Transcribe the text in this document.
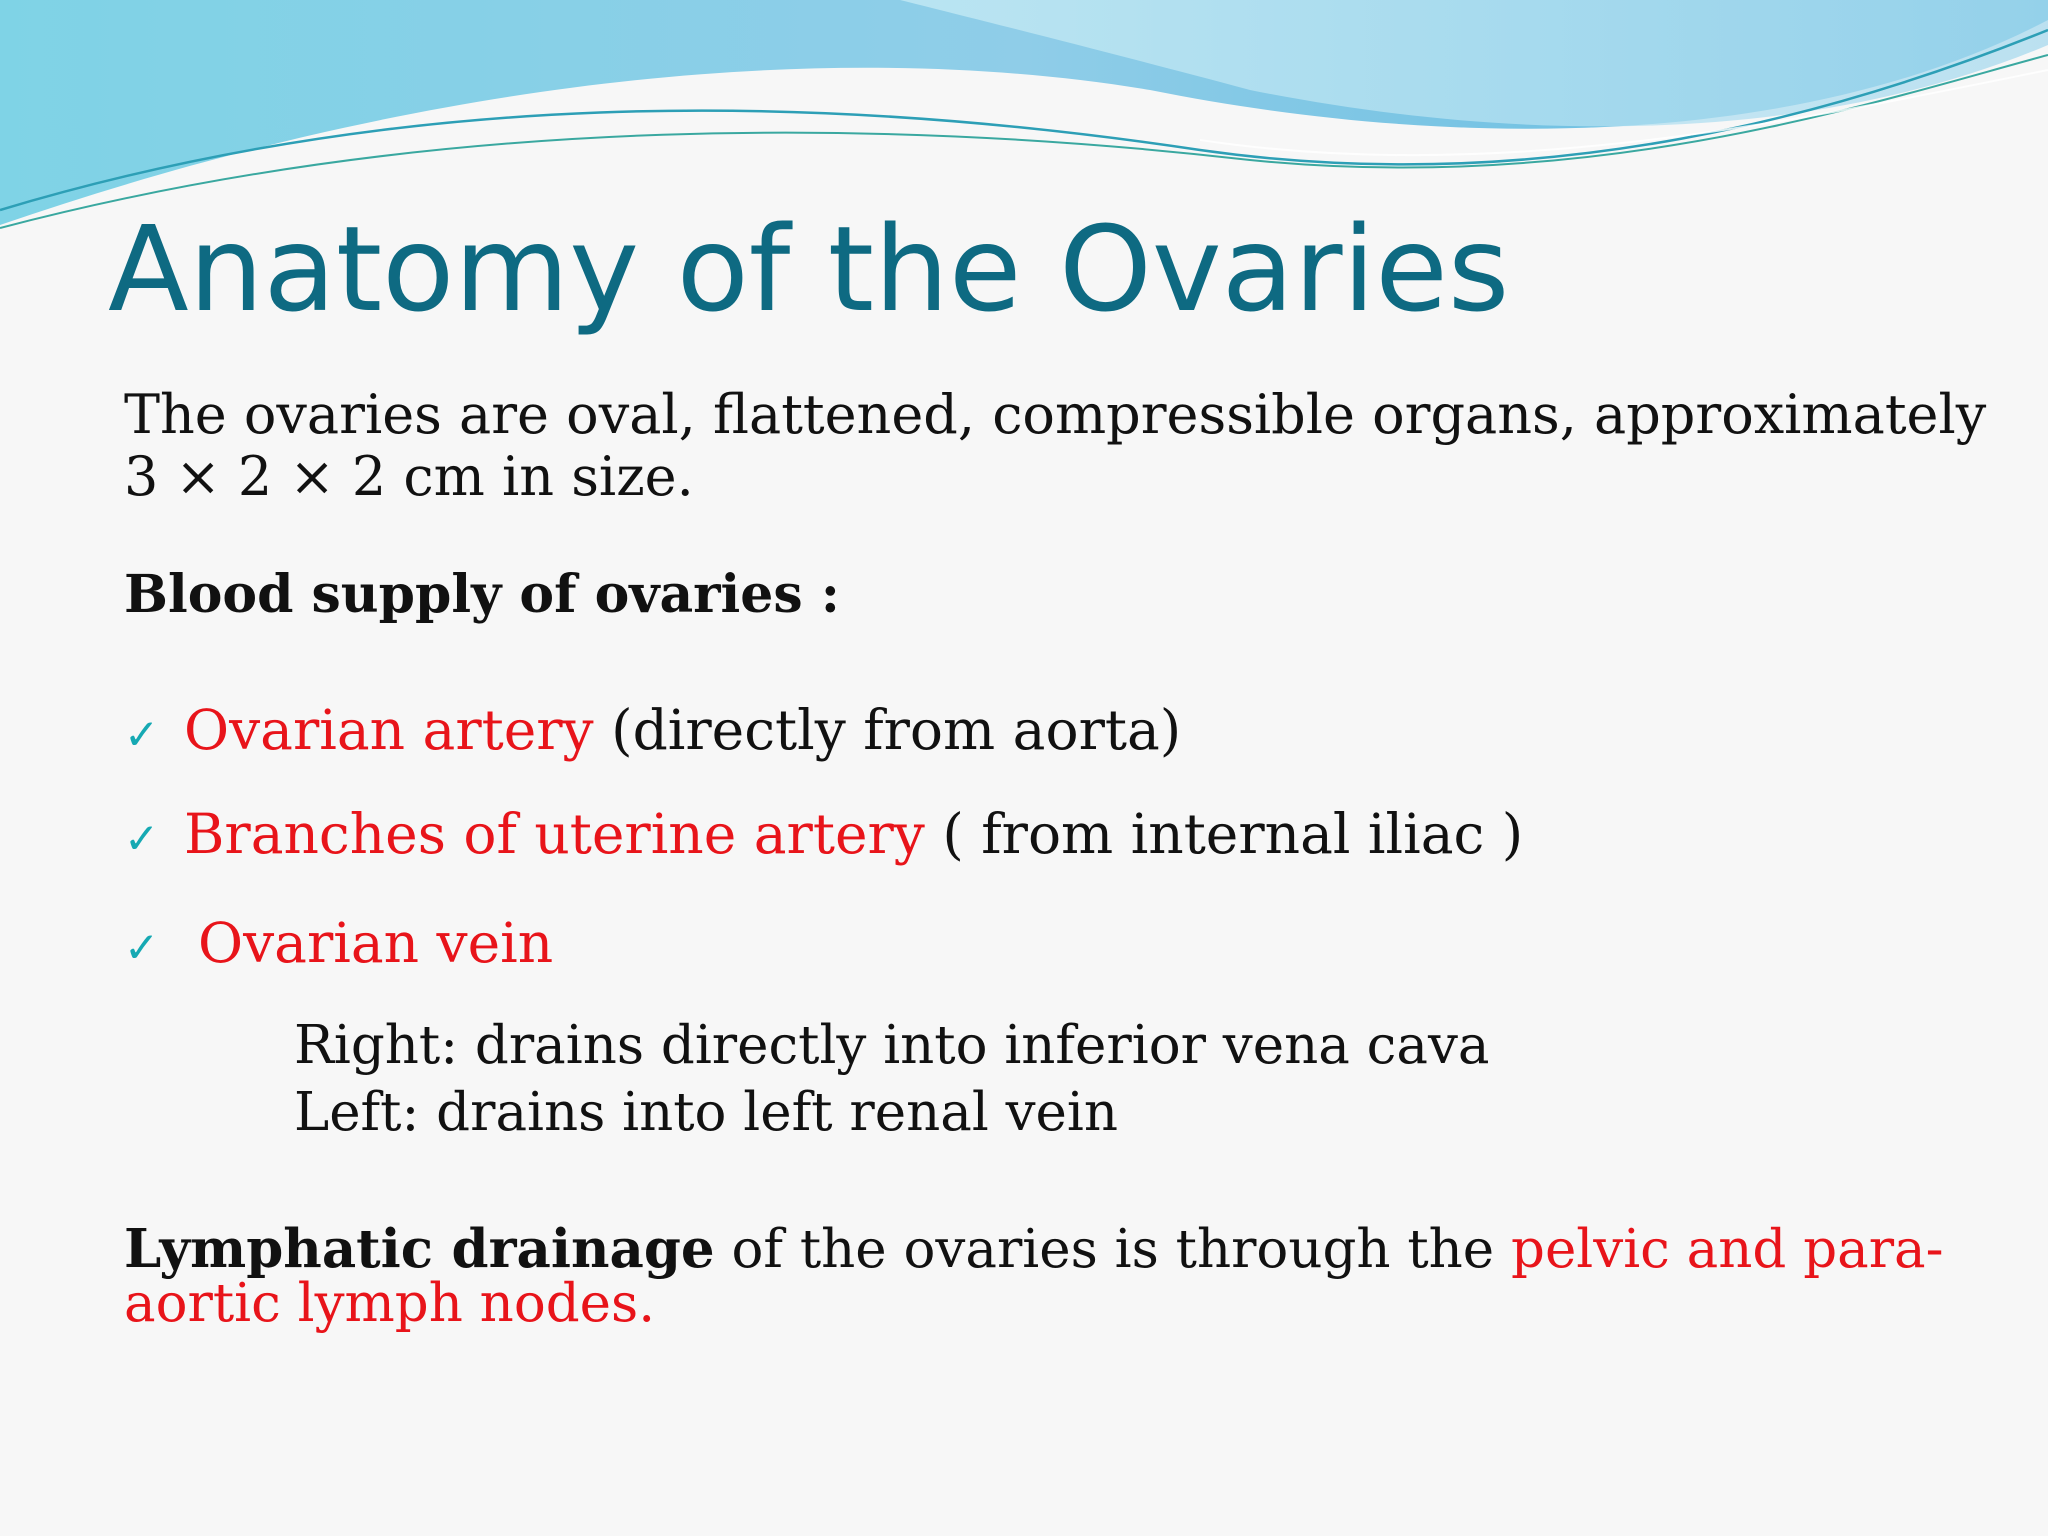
Anatomy of the Ovaries

The ovaries are oval, flattened, compressible organs, approximately

3 × 2 × 2 cm in size.

Blood supply of ovaries :

✓ Ovarian artery (directly from aorta)
✓ Branches of uterine artery ( from internal iliac )
✓ Ovarian vein

Right: drains directly into inferior vena cava

Left: drains into left renal vein

Lymphatic drainage of the ovaries is through the pelvic and para-aortic lymph nodes.
